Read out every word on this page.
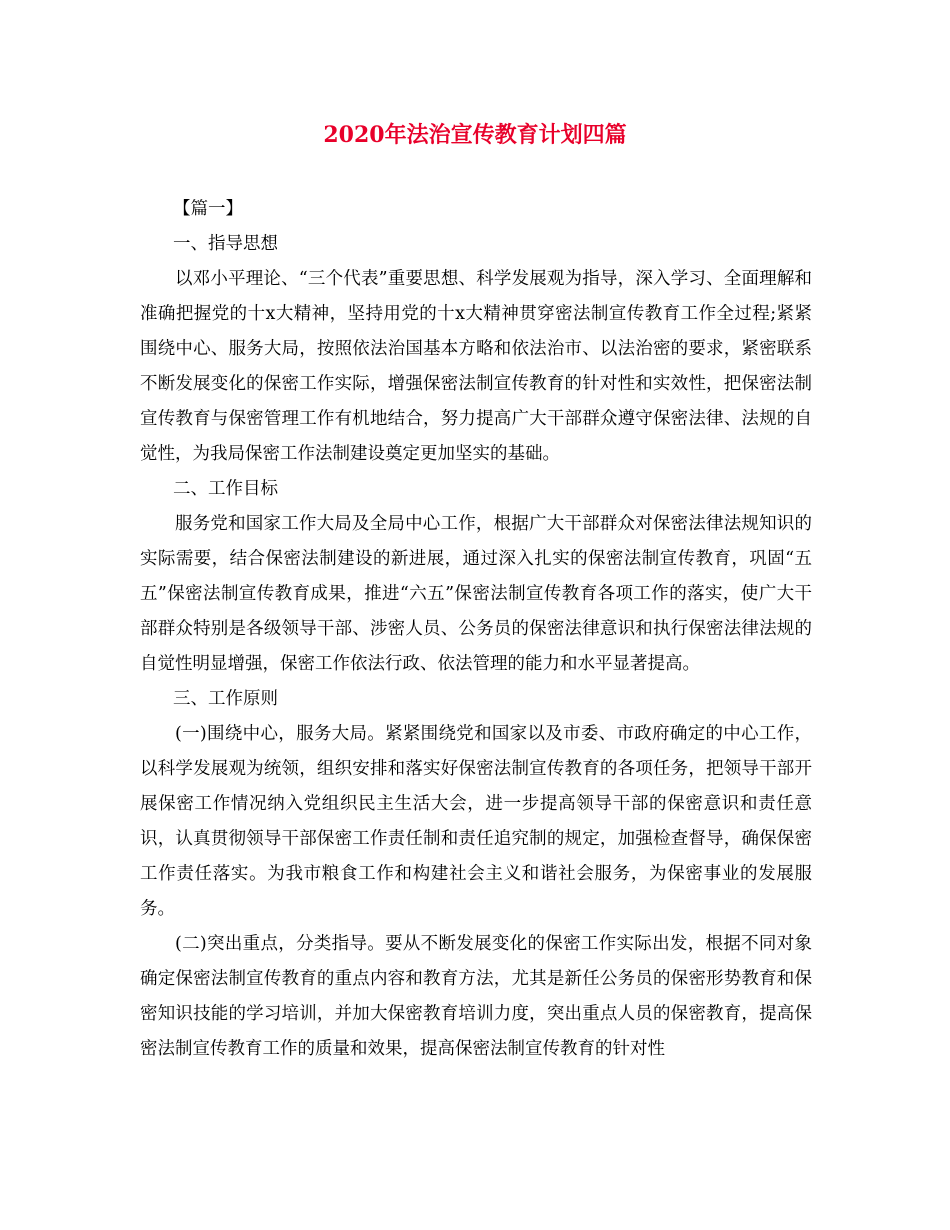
2020年法治宣传教育计划四篇

【篇一】

一、指导思想

以邓小平理论、“三个代表”重要思想、科学发展观为指导，深入学习、全面理解和准确把握党的十x大精神，坚持用党的十x大精神贯穿密法制宣传教育工作全过程;紧紧围绕中心、服务大局，按照依法治国基本方略和依法治市、以法治密的要求，紧密联系不断发展变化的保密工作实际，增强保密法制宣传教育的针对性和实效性，把保密法制宣传教育与保密管理工作有机地结合，努力提高广大干部群众遵守保密法律、法规的自觉性，为我局保密工作法制建设奠定更加坚实的基础。

二、工作目标

服务党和国家工作大局及全局中心工作，根据广大干部群众对保密法律法规知识的实际需要，结合保密法制建设的新进展，通过深入扎实的保密法制宣传教育，巩固“五五”保密法制宣传教育成果，推进“六五”保密法制宣传教育各项工作的落实，使广大干部群众特别是各级领导干部、涉密人员、公务员的保密法律意识和执行保密法律法规的自觉性明显增强，保密工作依法行政、依法管理的能力和水平显著提高。

三、工作原则

(一)围绕中心，服务大局。紧紧围绕党和国家以及市委、市政府确定的中心工作，以科学发展观为统领，组织安排和落实好保密法制宣传教育的各项任务，把领导干部开展保密工作情况纳入党组织民主生活大会，进一步提高领导干部的保密意识和责任意识，认真贯彻领导干部保密工作责任制和责任追究制的规定，加强检查督导，确保保密工作责任落实。为我市粮食工作和构建社会主义和谐社会服务，为保密事业的发展服务。

(二)突出重点，分类指导。要从不断发展变化的保密工作实际出发，根据不同对象确定保密法制宣传教育的重点内容和教育方法，尤其是新任公务员的保密形势教育和保密知识技能的学习培训，并加大保密教育培训力度，突出重点人员的保密教育，提高保密法制宣传教育工作的质量和效果，提高保密法制宣传教育的针对性
